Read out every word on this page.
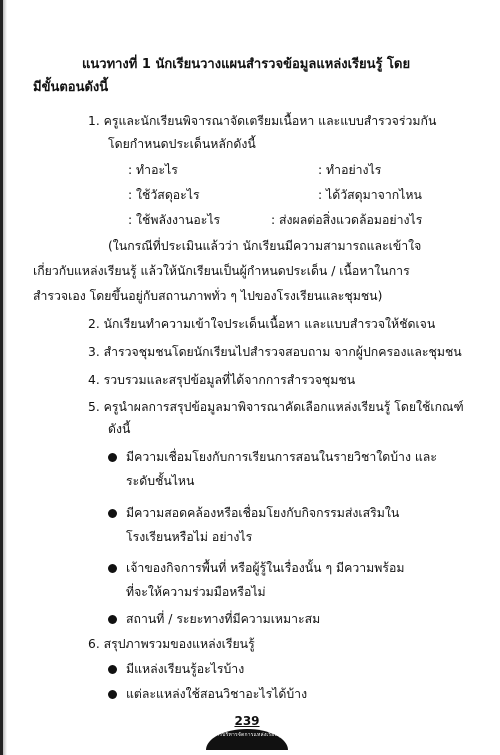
แนวทางที่ 1 นักเรียนวางแผนสำรวจข้อมูลแหล่งเรียนรู้ โดย
มีขั้นตอนดังนี้
1. ครูและนักเรียนพิจารณาจัดเตรียมเนื้อหา และแบบสำรวจร่วมกัน
โดยกำหนดประเด็นหลักดังนี้
: ทำอะไร	: ทำอย่างไร
: ใช้วัสดุอะไร	: ได้วัสดุมาจากไหน
: ใช้พลังงานอะไร	: ส่งผลต่อสิ่งแวดล้อมอย่างไร
(ในกรณีที่ประเมินแล้วว่า นักเรียนมีความสามารถและเข้าใจ
เกี่ยวกับแหล่งเรียนรู้ แล้วให้นักเรียนเป็นผู้กำหนดประเด็น / เนื้อหาในการ
สำรวจเอง โดยขึ้นอยู่กับสถานภาพทั่ว ๆ ไปของโรงเรียนและชุมชน)
2. นักเรียนทำความเข้าใจประเด็นเนื้อหา และแบบสำรวจให้ชัดเจน
3. สำรวจชุมชนโดยนักเรียนไปสำรวจสอบถาม จากผู้ปกครองและชุมชน
4. รวบรวมและสรุปข้อมูลที่ได้จากการสำรวจชุมชน
5. ครูนำผลการสรุปข้อมูลมาพิจารณาคัดเลือกแหล่งเรียนรู้ โดยใช้เกณฑ์
ดังนี้
มีความเชื่อมโยงกับการเรียนการสอนในรายวิชาใดบ้าง และ
ระดับชั้นไหน
มีความสอดคล้องหรือเชื่อมโยงกับกิจกรรมส่งเสริมใน
โรงเรียนหรือไม่ อย่างไร
เจ้าของกิจการพื้นที่ หรือผู้รู้ในเรื่องนั้น ๆ มีความพร้อม
ที่จะให้ความร่วมมือหรือไม่
สถานที่ / ระยะทางที่มีความเหมาะสม
6. สรุปภาพรวมของแหล่งเรียนรู้
มีแหล่งเรียนรู้อะไรบ้าง
แต่ละแหล่งใช้สอนวิชาอะไรได้บ้าง
239
การบริหารจัดการแหล่งเรียนรู้
